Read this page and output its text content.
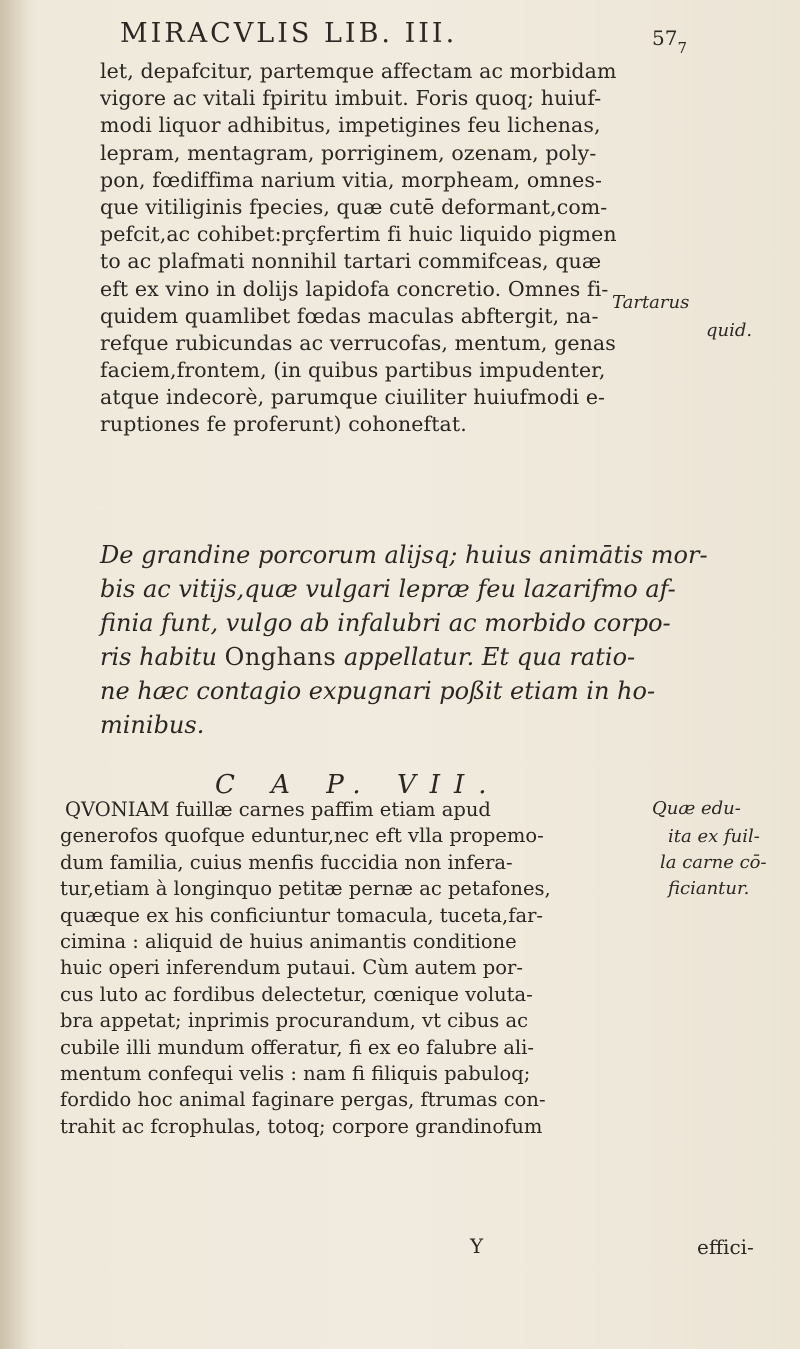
MIRACVLIS LIB. III.	$57_7$
let, depafcitur, partemque affectam ac morbidam
vigore ac vitali fpiritu imbuit. Foris quoq; huiuf-
modi liquor adhibitus, impetigines feu lichenas,
lepram, mentagram, porriginem, ozenam, poly-
pon, fœdiffima narium vitia, morpheam, omnes-
que vitiliginis fpecies, quæ cutē deformant,com-
pefcit,ac cohibet:prçfertim fi huic liquido pigmen
to ac plafmati nonnihil tartari commifceas, quæ
eft ex vino in dolijs lapidofa concretio. Omnes fi-
quidem quamlibet fœdas maculas abftergit, na-
refque rubicundas ac verrucofas, mentum, genas
faciem,frontem, (in quibus partibus impudenter,
atque indecorè, parumque ciuiliter huiufmodi e-
ruptiones fe proferunt) cohoneftat.
Tartarus
quid.
De grandine porcorum alijsq; huius animātis mor-
bis ac vitijs,quæ vulgari lepræ feu lazarifmo af-
finia funt, vulgo ab infalubri ac morbido corpo-
ris habitu Onghans appellatur. Et qua ratio-
ne hæc contagio expugnari poßit etiam in ho-
minibus.
C A P. VII.
QVONIAM fuillæ carnes paffim etiam apud
generofos quofque eduntur,nec eft vlla propemo-
dum familia, cuius menfis fuccidia non infera-
tur,etiam à longinquo petitæ pernæ ac petafones,
quæque ex his conficiuntur tomacula, tuceta,far-
cimina : aliquid de huius animantis conditione
huic operi inferendum putaui. Cùm autem por-
cus luto ac fordibus delectetur, cœnique voluta-
bra appetat; inprimis procurandum, vt cibus ac
cubile illi mundum offeratur, fi ex eo falubre ali-
mentum confequi velis : nam fi filiquis pabuloq;
fordido hoc animal faginare pergas, ftrumas con-
trahit ac fcrophulas, totoq; corpore grandinofum
Quæ edu-
ita ex fuil-
la carne cō-
ficiantur.
Y	effici-
